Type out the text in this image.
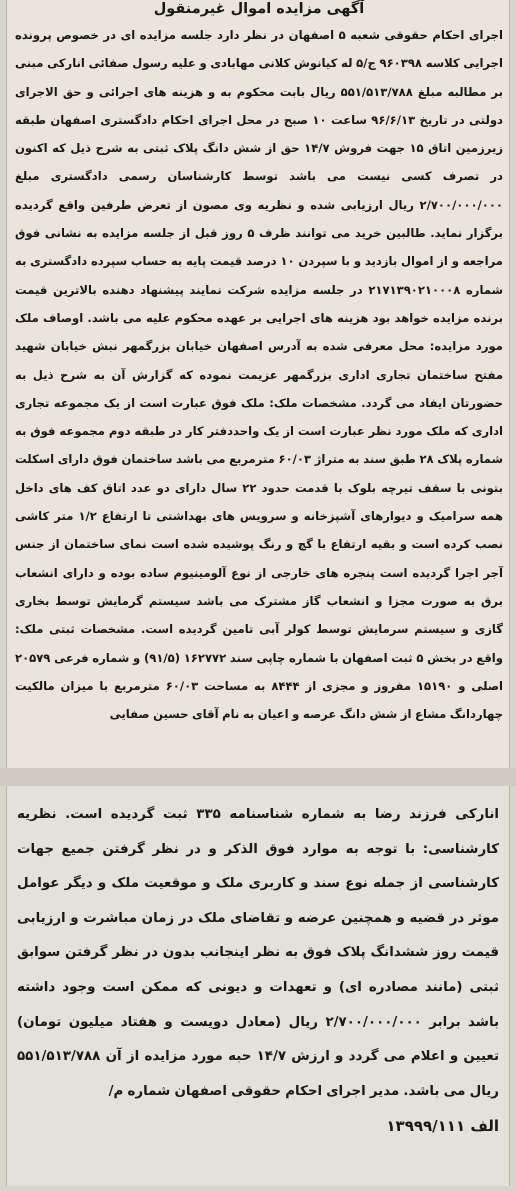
آگهی مزایده اموال غیرمنقول

اجرای احکام حقوقی شعبه ۵ اصفهان در نظر دارد جلسه مزایده ای در خصوص پرونده اجرایی کلاسه ۹۶۰۳۹۸ ج/۵ له کیانوش کلانی مهابادی و علیه رسول صفائی انارکی مبنی بر مطالبه مبلغ ۵۵۱/۵۱۳/۷۸۸ ریال بابت محکوم به و هزینه های اجرائی و حق الاجرای دولتی در تاریخ ۹۶/۶/۱۳ ساعت ۱۰ صبح در محل اجرای احکام دادگستری اصفهان طبقه زیرزمین اتاق ۱۵ جهت فروش ۱۴/۷ حق از شش دانگ پلاک ثبتی به شرح ذیل که اکنون در تصرف کسی نیست می باشد توسط کارشناسان رسمی دادگستری مبلغ ۲/۷۰۰/۰۰۰/۰۰۰ ریال ارزیابی شده و نظریه وی مصون از تعرض طرفین واقع گردیده برگزار نماید. طالبین خرید می توانند ظرف ۵ روز قبل از جلسه مزایده به نشانی فوق مراجعه و از اموال بازدید و با سپردن ۱۰ درصد قیمت پایه به حساب سپرده دادگستری به شماره ۲۱۷۱۳۹۰۲۱۰۰۰۸ در جلسه مزایده شرکت نمایند پیشنهاد دهنده بالاترین قیمت برنده مزایده خواهد بود هزینه های اجرایی بر عهده محکوم علیه می باشد. اوصاف ملک مورد مزایده: محل معرفی شده به آدرس اصفهان خیابان بزرگمهر نبش خیابان شهید مفتح ساختمان تجاری اداری بزرگمهر عزیمت نموده که گزارش آن به شرح ذیل به حضورتان ایفاد می گردد. مشخصات ملک: ملک فوق عبارت است از یک مجموعه تجاری اداری که ملک مورد نظر عبارت است از یک واحددفتر کار در طبقه دوم مجموعه فوق به شماره پلاک ۲۸ طبق سند به متراژ ۶۰/۰۳ مترمربع می باشد ساختمان فوق دارای اسکلت بتونی با سقف تیرچه بلوک با قدمت حدود ۲۲ سال دارای دو عدد اتاق کف های داخل همه سرامیک و دیوارهای آشپزخانه و سرویس های بهداشتی تا ارتفاع ۱/۲ متر کاشی نصب کرده است و بقیه ارتفاع با گچ و رنگ پوشیده شده است نمای ساختمان از جنس آجر اجرا گردیده است پنجره های خارجی از نوع آلومینیوم ساده بوده و دارای انشعاب برق به صورت مجزا و انشعاب گاز مشترک می باشد سیستم گرمایش توسط بخاری گازی و سیستم سرمایش توسط کولر آبی تامین گردیده است. مشخصات ثبتی ملک: واقع در بخش ۵ ثبت اصفهان با شماره چاپی سند ۱۶۲۷۷۲ (۹۱/۵) و شماره فرعی ۲۰۵۷۹ اصلی و ۱۵۱۹۰ مفروز و مجزی از ۸۴۴۴ به مساحت ۶۰/۰۳ مترمربع با میزان مالکیت چهاردانگ مشاع از شش دانگ عرصه و اعیان به نام آقای حسین صفایی

انارکی فرزند رضا به شماره شناسنامه ۳۳۵ ثبت گردیده است. نظریه کارشناسی: با توجه به موارد فوق الذکر و در نظر گرفتن جمیع جهات کارشناسی از جمله نوع سند و کاربری ملک و موقعیت ملک و دیگر عوامل موثر در قضیه و همچنین عرضه و تقاضای ملک در زمان مباشرت و ارزیابی قیمت روز ششدانگ پلاک فوق به نظر اینجانب بدون در نظر گرفتن سوابق ثبتی (مانند مصادره ای) و تعهدات و دیونی که ممکن است وجود داشته باشد برابر ۲/۷۰۰/۰۰۰/۰۰۰ ریال (معادل دویست و هفتاد میلیون تومان) تعیین و اعلام می گردد و ارزش ۱۴/۷ حبه مورد مزایده از آن ۵۵۱/۵۱۳/۷۸۸ ریال می باشد. مدیر اجرای احکام حقوقی اصفهان شماره م/

الف ۱۳۹۹۹/۱۱۱
